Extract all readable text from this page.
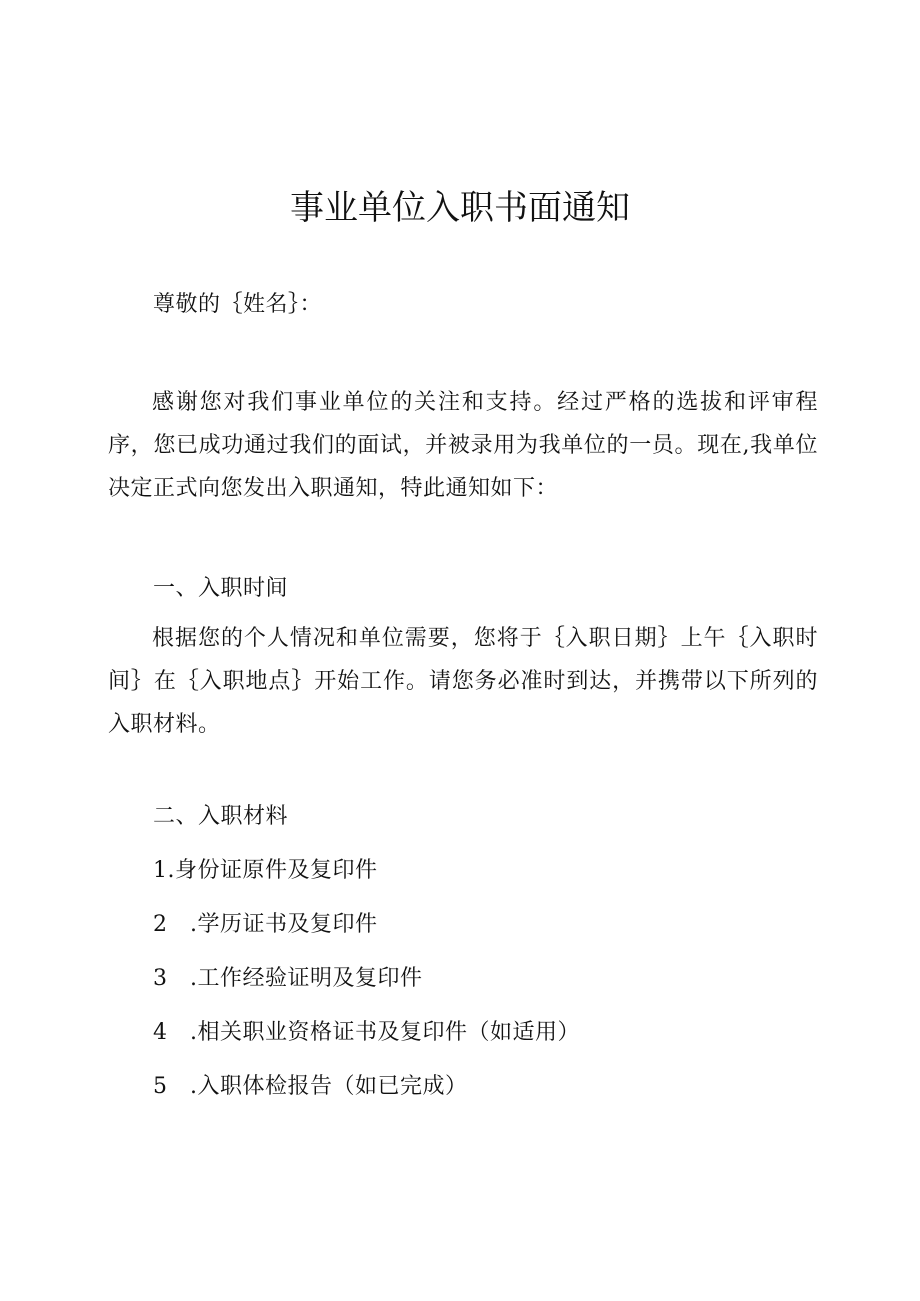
事业单位入职书面通知
尊敬的｛姓名｝：
感谢您对我们事业单位的关注和支持。经过严格的选拔和评审程序，您已成功通过我们的面试，并被录用为我单位的一员。现在,我单位决定正式向您发出入职通知，特此通知如下：
一、入职时间
根据您的个人情况和单位需要，您将于｛入职日期｝上午｛入职时间｝在｛入职地点｝开始工作。请您务必准时到达，并携带以下所列的入职材料。
二、入职材料
1.身份证原件及复印件
2　.学历证书及复印件
3　.工作经验证明及复印件
4　.相关职业资格证书及复印件（如适用）
5　.入职体检报告（如已完成）
